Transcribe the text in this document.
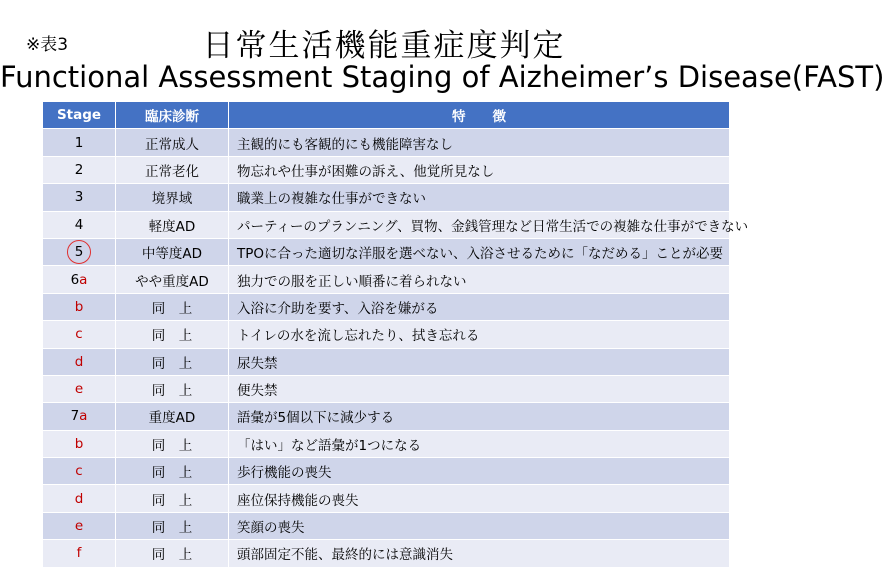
※表3	日常生活機能重症度判定
Functional Assessment Staging of Aizheimer’s Disease(FAST)
Stage	臨床診断	特　　徴
1	正常成人	主観的にも客観的にも機能障害なし
2	正常老化	物忘れや仕事が困難の訴え、他覚所見なし
3	境界域	職業上の複雑な仕事ができない
4	軽度AD	パーティーのプランニング、買物、金銭管理など日常生活での複雑な仕事ができない
5	中等度AD	TPOに合った適切な洋服を選べない、入浴させるために「なだめる」ことが必要
6a	やや重度AD	独力での服を正しい順番に着られない
b	同　上	入浴に介助を要す、入浴を嫌がる
c	同　上	トイレの水を流し忘れたり、拭き忘れる
d	同　上	尿失禁
e	同　上	便失禁
7a	重度AD	語彙が5個以下に減少する
b	同　上	「はい」など語彙が1つになる
c	同　上	歩行機能の喪失
d	同　上	座位保持機能の喪失
e	同　上	笑顔の喪失
f	同　上	頭部固定不能、最終的には意識消失
